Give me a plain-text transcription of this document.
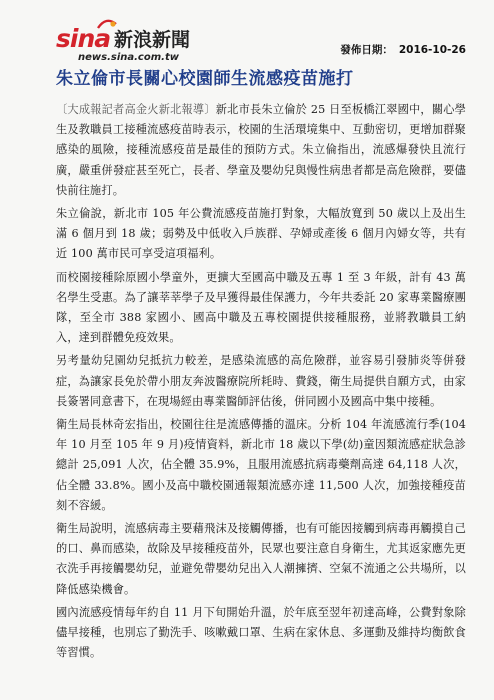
sina 新浪新聞
news.sina.com.tw
發佈日期： 2016-10-26
朱立倫市長關心校園師生流感疫苗施打

〔大成報記者高金火新北報導〕新北市長朱立倫於 25 日至板橋江翠國中，關心學生及教職員工接種流感疫苗時表示，校園的生活環境集中、互動密切，更增加群聚感染的風險，接種流感疫苗是最佳的預防方式。朱立倫指出，流感爆發快且流行廣，嚴重併發症甚至死亡，長者、學童及嬰幼兒與慢性病患者都是高危險群，要儘快前往施打。

朱立倫說，新北市 105 年公費流感疫苗施打對象，大幅放寬到 50 歲以上及出生滿 6 個月到 18 歲；弱勢及中低收入戶族群、孕婦或產後 6 個月內婦女等，共有近 100 萬市民可享受這項福利。

而校園接種除原國小學童外，更擴大至國高中職及五專 1 至 3 年級，計有 43 萬名學生受惠。為了讓莘莘學子及早獲得最佳保護力，今年共委託 20 家專業醫療團隊，至全市 388 家國小、國高中職及五專校園提供接種服務，並將教職員工納入，達到群體免疫效果。

另考量幼兒園幼兒抵抗力較差，是感染流感的高危險群，並容易引發肺炎等併發症，為讓家長免於帶小朋友奔波醫療院所耗時、費錢，衛生局提供自願方式，由家長簽署同意書下，在現場經由專業醫師評估後，併同國小及國高中集中接種。

衛生局長林奇宏指出，校園往往是流感傳播的溫床。分析 104 年流感流行季(104 年 10 月至 105 年 9 月)疫情資料，新北市 18 歲以下學(幼)童因類流感症狀急診總計 25,091 人次，佔全體 35.9%，且服用流感抗病毒藥劑高達 64,118 人次，佔全體 33.8%。國小及高中職校園通報類流感亦達 11,500 人次，加強接種疫苗刻不容緩。

衛生局說明，流感病毒主要藉飛沫及接觸傳播，也有可能因接觸到病毒再觸摸自己的口、鼻而感染，故除及早接種疫苗外，民眾也要注意自身衛生，尤其返家應先更衣洗手再接觸嬰幼兒，並避免帶嬰幼兒出入人潮擁擠、空氣不流通之公共場所，以降低感染機會。

國內流感疫情每年約自 11 月下旬開始升溫，於年底至翌年初達高峰，公費對象除儘早接種，也別忘了勤洗手、咳嗽戴口罩、生病在家休息、多運動及維持均衡飲食等習慣。
